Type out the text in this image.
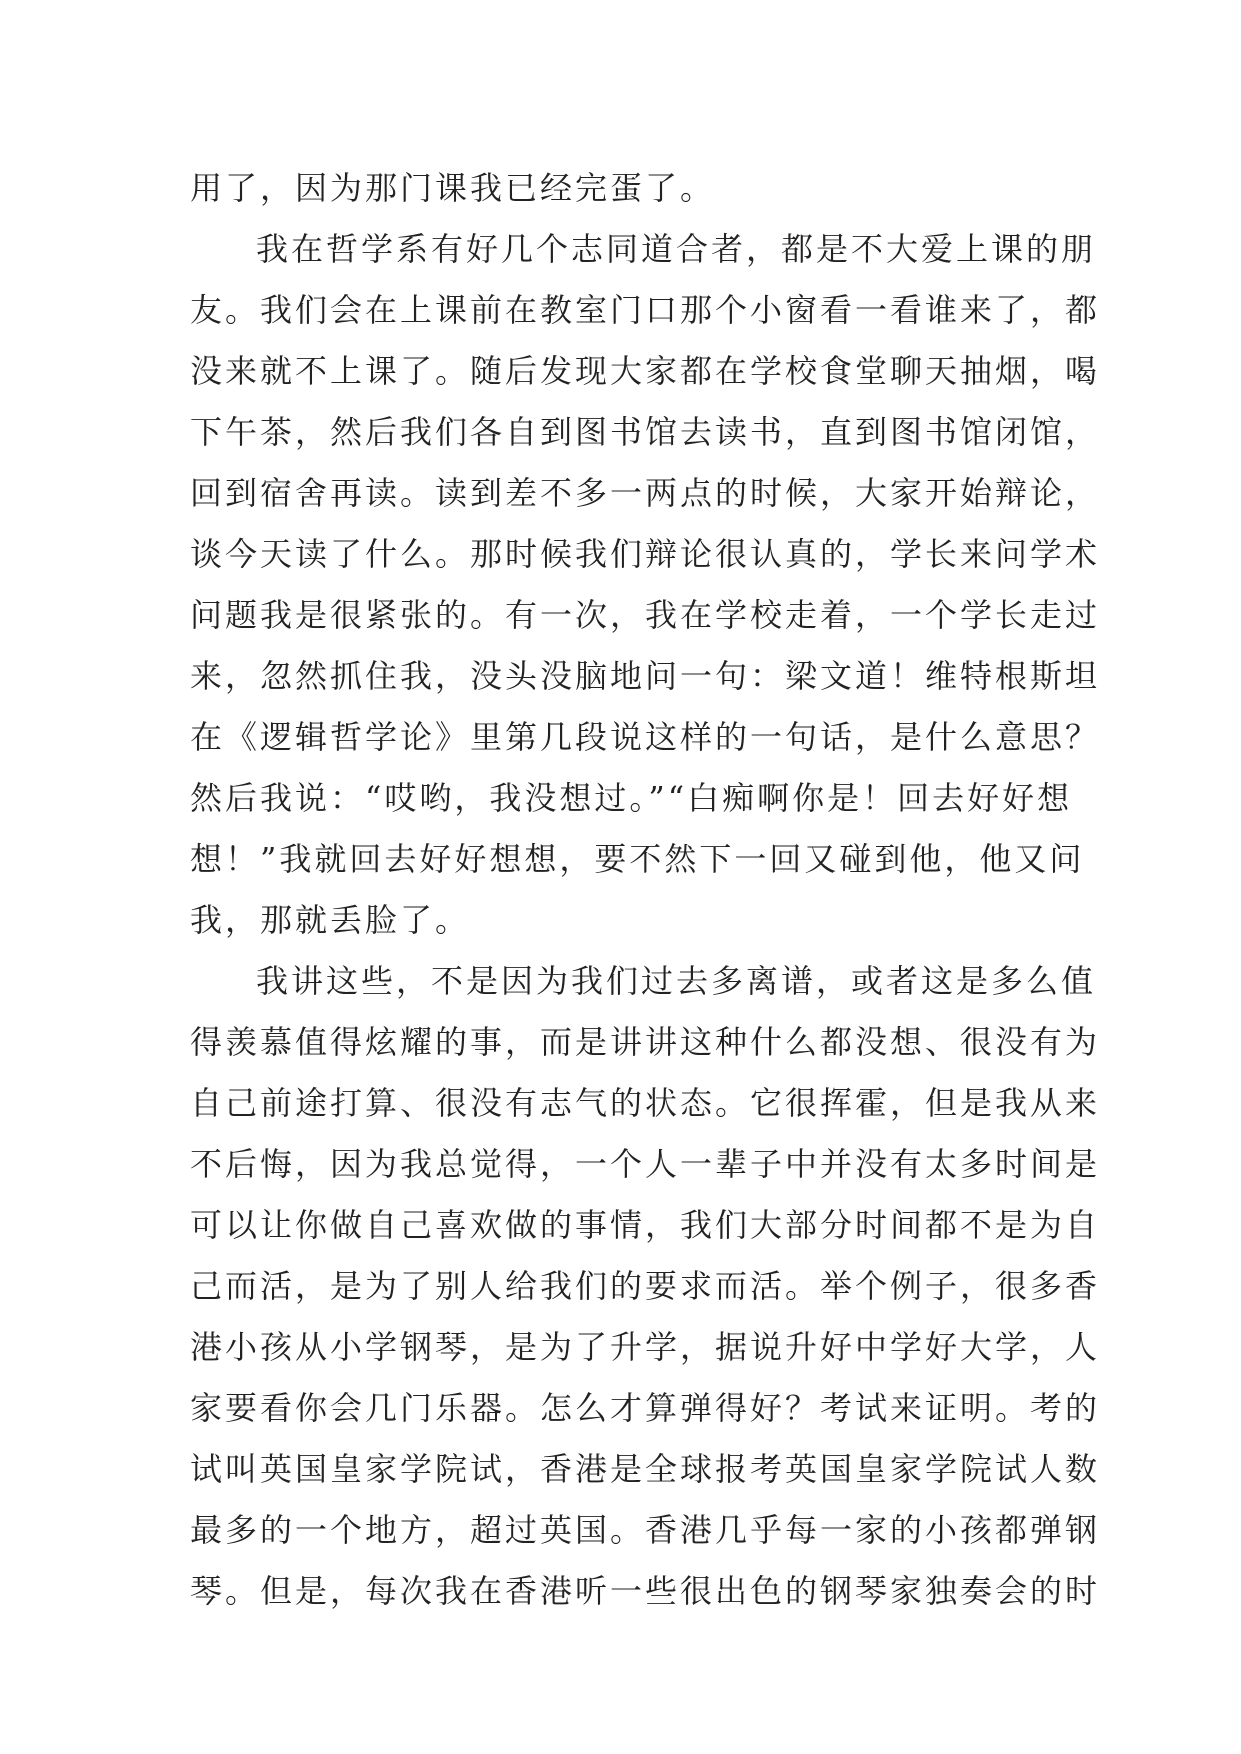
用了，因为那门课我已经完蛋了。
我在哲学系有好几个志同道合者，都是不大爱上课的朋
友。我们会在上课前在教室门口那个小窗看一看谁来了，都
没来就不上课了。随后发现大家都在学校食堂聊天抽烟，喝
下午茶，然后我们各自到图书馆去读书，直到图书馆闭馆，
回到宿舍再读。读到差不多一两点的时候，大家开始辩论，
谈今天读了什么。那时候我们辩论很认真的，学长来问学术
问题我是很紧张的。有一次，我在学校走着，一个学长走过
来，忽然抓住我，没头没脑地问一句：梁文道！维特根斯坦
在《逻辑哲学论》里第几段说这样的一句话，是什么意思？
然后我说：“哎哟，我没想过。”“白痴啊你是！回去好好想
想！”我就回去好好想想，要不然下一回又碰到他，他又问
我，那就丢脸了。
我讲这些，不是因为我们过去多离谱，或者这是多么值
得羡慕值得炫耀的事，而是讲讲这种什么都没想、很没有为
自己前途打算、很没有志气的状态。它很挥霍，但是我从来
不后悔，因为我总觉得，一个人一辈子中并没有太多时间是
可以让你做自己喜欢做的事情，我们大部分时间都不是为自
己而活，是为了别人给我们的要求而活。举个例子，很多香
港小孩从小学钢琴，是为了升学，据说升好中学好大学，人
家要看你会几门乐器。怎么才算弹得好？考试来证明。考的
试叫英国皇家学院试，香港是全球报考英国皇家学院试人数
最多的一个地方，超过英国。香港几乎每一家的小孩都弹钢
琴。但是，每次我在香港听一些很出色的钢琴家独奏会的时
